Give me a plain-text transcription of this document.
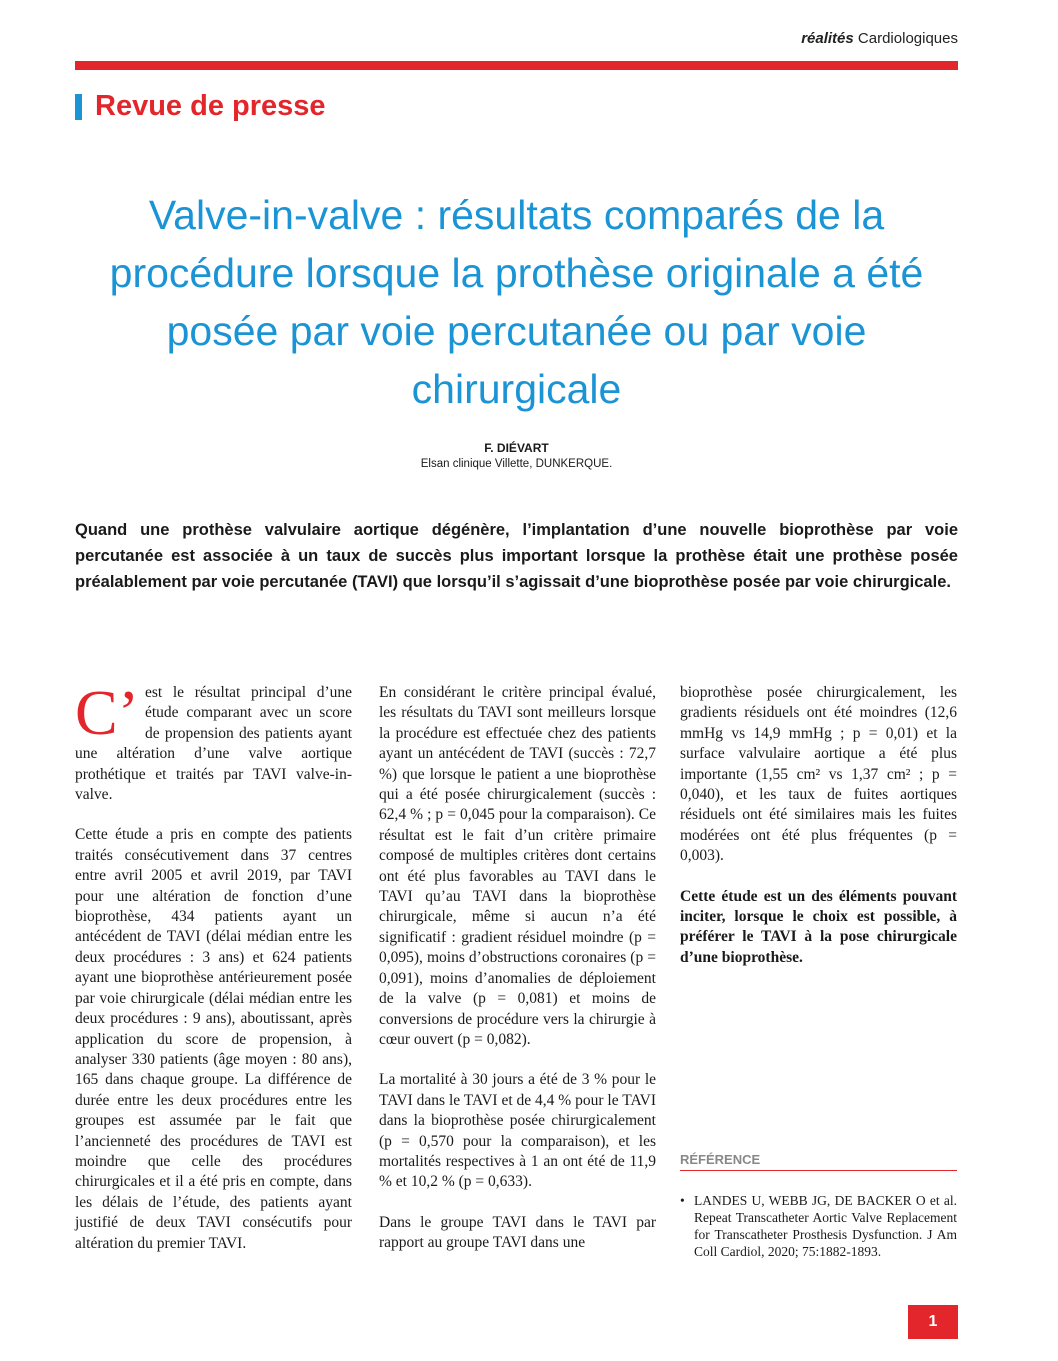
réalités Cardiologiques
Revue de presse
Valve-in-valve : résultats comparés de la procédure lorsque la prothèse originale a été posée par voie percutanée ou par voie chirurgicale
F. DIÉVART
Elsan clinique Villette, DUNKERQUE.
Quand une prothèse valvulaire aortique dégénère, l’implantation d’une nouvelle bioprothèse par voie percutanée est associée à un taux de succès plus important lorsque la prothèse était une prothèse posée préalablement par voie percutanée (TAVI) que lorsqu’il s’agissait d’une bioprothèse posée par voie chirurgicale.

C’ est le résultat principal d’une étude comparant avec un score de propension des patients ayant une altération d’une valve aortique prothétique et traités par TAVI valve-in-valve.

Cette étude a pris en compte des patients traités consécutivement dans 37 centres entre avril 2005 et avril 2019, par TAVI pour une altération de fonction d’une bioprothèse, 434 patients ayant un antécédent de TAVI (délai médian entre les deux procédures : 3 ans) et 624 patients ayant une bioprothèse antérieurement posée par voie chirurgicale (délai médian entre les deux procédures : 9 ans), aboutissant, après application du score de propension, à analyser 330 patients (âge moyen : 80 ans), 165 dans chaque groupe. La différence de durée entre les deux procédures entre les groupes est assumée par le fait que l’ancienneté des procédures de TAVI est moindre que celle des procédures chirurgicales et il a été pris en compte, dans les délais de l’étude, des patients ayant justifié de deux TAVI consécutifs pour altération du premier TAVI.

En considérant le critère principal évalué, les résultats du TAVI sont meilleurs lorsque la procédure est effectuée chez des patients ayant un antécédent de TAVI (succès : 72,7 %) que lorsque le patient a une bioprothèse qui a été posée chirurgicalement (succès : 62,4 % ; p = 0,045 pour la comparaison). Ce résultat est le fait d’un critère primaire composé de multiples critères dont certains ont été plus favorables au TAVI dans le TAVI qu’au TAVI dans la bioprothèse chirurgicale, même si aucun n’a été significatif : gradient résiduel moindre (p = 0,095), moins d’obstructions coronaires (p = 0,091), moins d’anomalies de déploiement de la valve (p = 0,081) et moins de conversions de procédure vers la chirurgie à cœur ouvert (p = 0,082).

La mortalité à 30 jours a été de 3 % pour le TAVI dans le TAVI et de 4,4 % pour le TAVI dans la bioprothèse posée chirurgicalement (p = 0,570 pour la comparaison), et les mortalités respectives à 1 an ont été de 11,9 % et 10,2 % (p = 0,633).

Dans le groupe TAVI dans le TAVI par rapport au groupe TAVI dans une

bioprothèse posée chirurgicalement, les gradients résiduels ont été moindres (12,6 mmHg vs 14,9 mmHg ; p = 0,01) et la surface valvulaire aortique a été plus importante (1,55 cm² vs 1,37 cm² ; p = 0,040), et les taux de fuites aortiques résiduels ont été similaires mais les fuites modérées ont été plus fréquentes (p = 0,003).

Cette étude est un des éléments pouvant inciter, lorsque le choix est possible, à préférer le TAVI à la pose chirurgicale d’une bioprothèse.

RÉFÉRENCE
• LANDES U, WEBB JG, DE BACKER O et al. Repeat Transcatheter Aortic Valve Replacement for Transcatheter Prosthesis Dysfunction. J Am Coll Cardiol, 2020; 75:1882-1893.
1
